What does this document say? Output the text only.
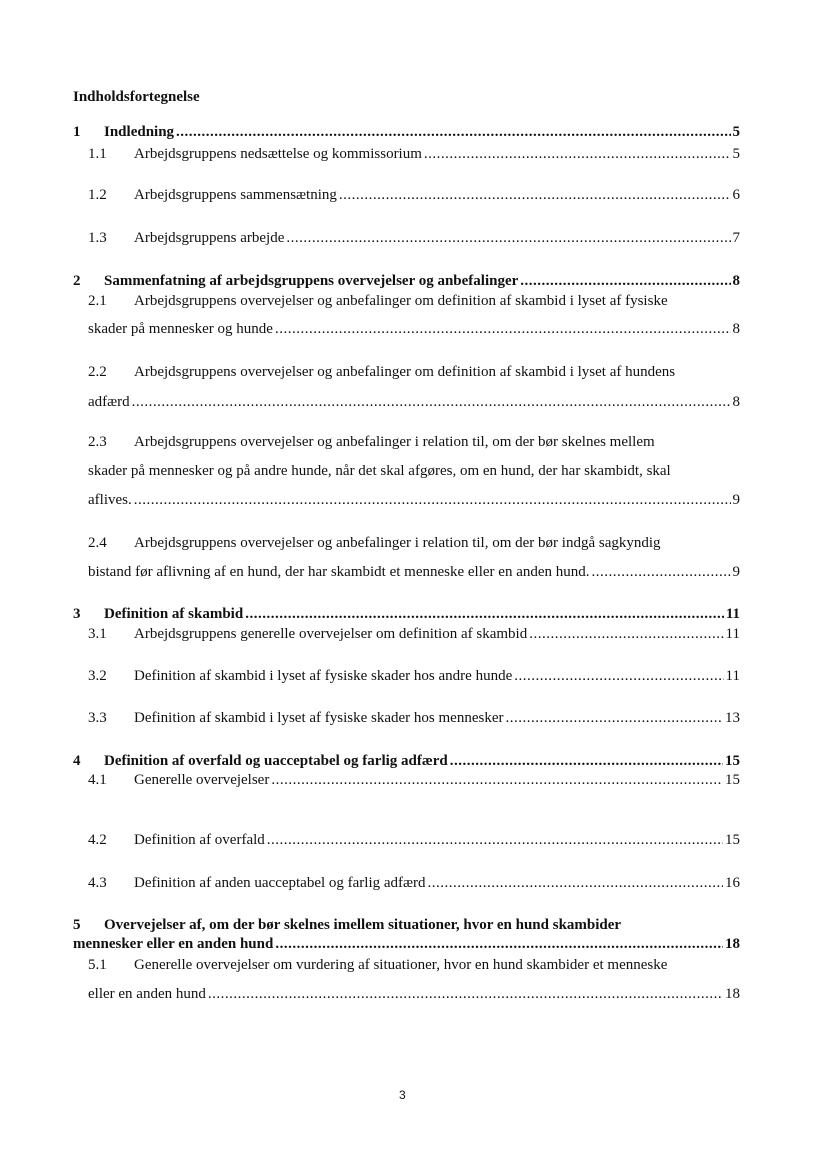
Indholdsfortegnelse
1	Indledning .....	5
1.1	Arbejdsgruppens nedsættelse og kommissorium .....	5
1.2	Arbejdsgruppens sammensætning .....	6
1.3	Arbejdsgruppens arbejde .....	7
2	Sammenfatning af arbejdsgruppens overvejelser og anbefalinger .....	8
2.1 Arbejdsgruppens overvejelser og anbefalinger om definition af skambid i lyset af fysiske
skader på mennesker og hunde .....	8
2.2 Arbejdsgruppens overvejelser og anbefalinger om definition af skambid i lyset af hundens
adfærd .....	8
2.3 Arbejdsgruppens overvejelser og anbefalinger i relation til, om der bør skelnes mellem
skader på mennesker og på andre hunde, når det skal afgøres, om en hund, der har skambidt, skal
aflives. .....	9
2.4 Arbejdsgruppens overvejelser og anbefalinger i relation til, om der bør indgå sagkyndig
bistand før aflivning af en hund, der har skambidt et menneske eller en anden hund. .....	9
3	Definition af skambid .....	11
3.1	Arbejdsgruppens generelle overvejelser om definition af skambid .....	11
3.2	Definition af skambid i lyset af fysiske skader hos andre hunde .....	11
3.3	Definition af skambid i lyset af fysiske skader hos mennesker .....	13
4	Definition af overfald og uacceptabel og farlig adfærd .....	15
4.1	Generelle overvejelser .....	15
4.2	Definition af overfald .....	15
4.3	Definition af anden uacceptabel og farlig adfærd .....	16
5 Overvejelser af, om der bør skelnes imellem situationer, hvor en hund skambider
mennesker eller en anden hund .....	18
5.1 Generelle overvejelser om vurdering af situationer, hvor en hund skambider et menneske
eller en anden hund .....	18
3
